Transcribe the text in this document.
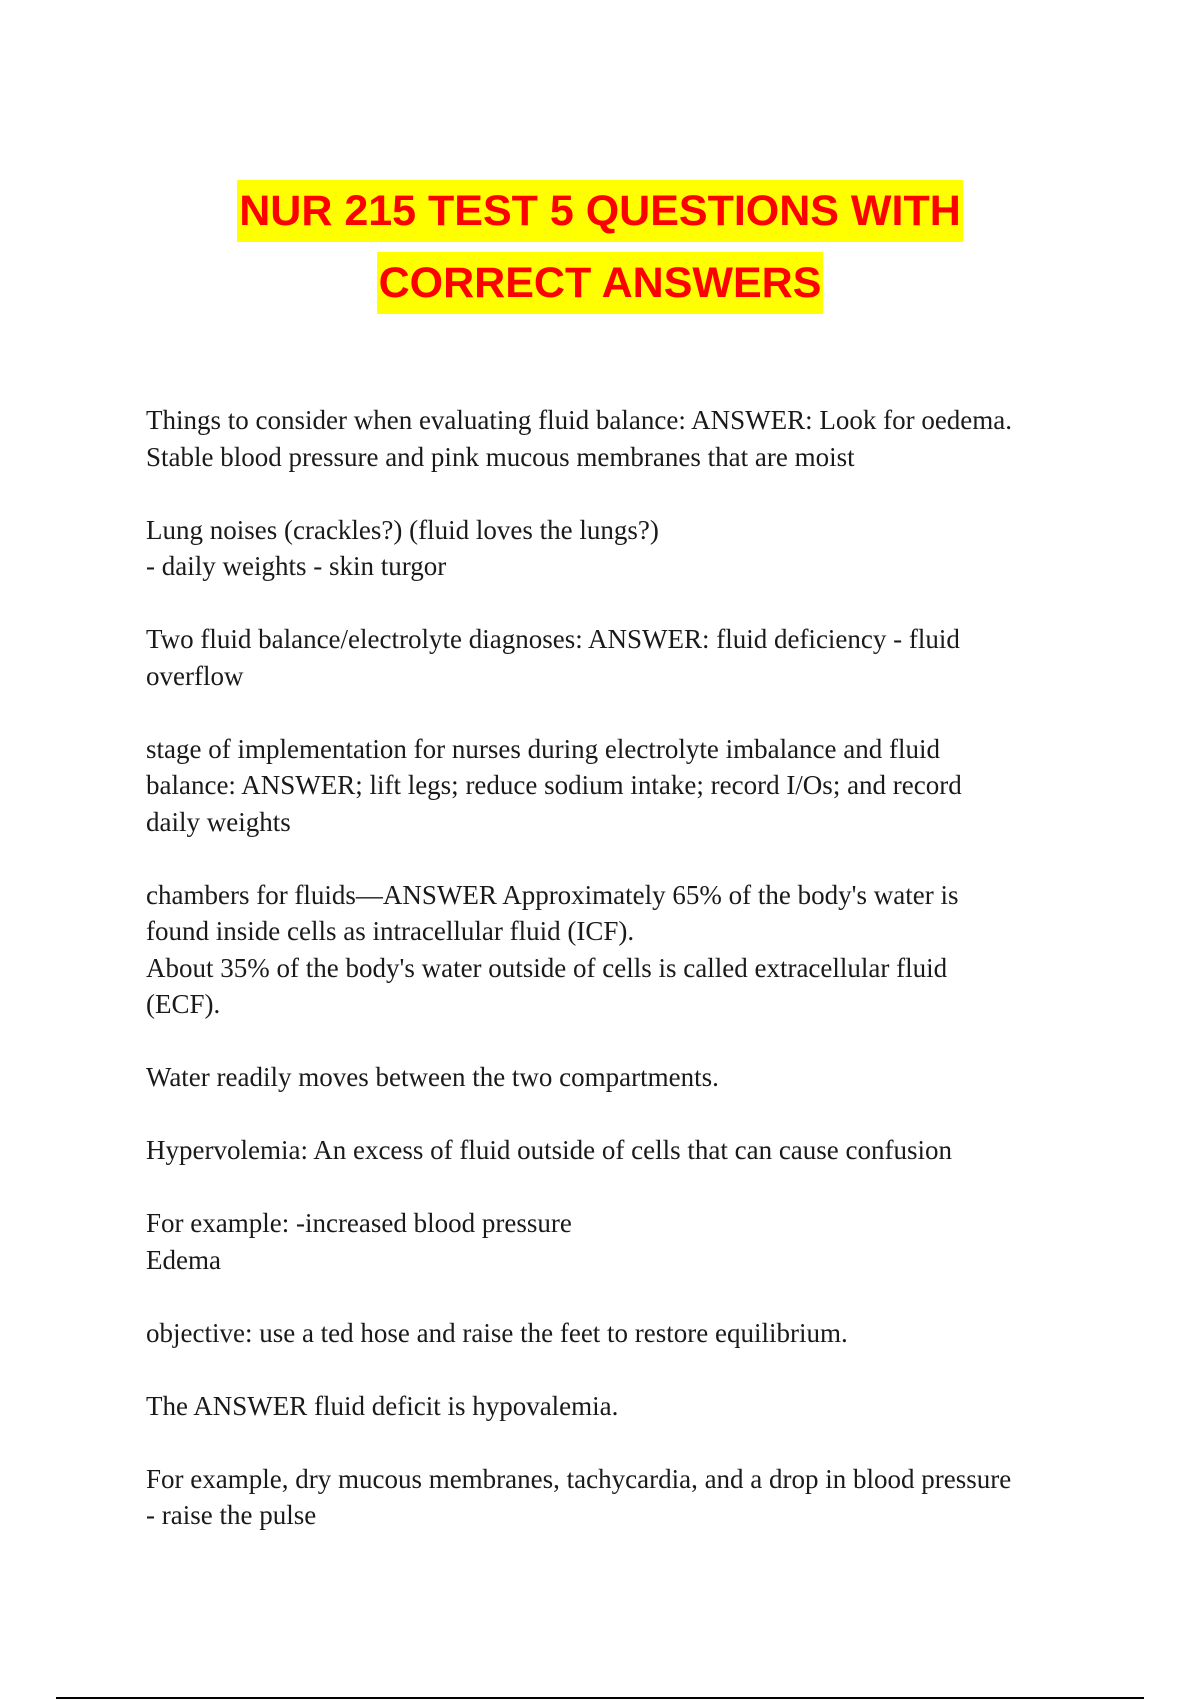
NUR 215 TEST 5 QUESTIONS WITH
CORRECT ANSWERS
Things to consider when evaluating fluid balance: ANSWER: Look for oedema.
Stable blood pressure and pink mucous membranes that are moist
Lung noises (crackles?) (fluid loves the lungs?)
- daily weights - skin turgor
Two fluid balance/electrolyte diagnoses: ANSWER: fluid deficiency - fluid
overflow
stage of implementation for nurses during electrolyte imbalance and fluid
balance: ANSWER; lift legs; reduce sodium intake; record I/Os; and record
daily weights
chambers for fluids—ANSWER Approximately 65% of the body's water is
found inside cells as intracellular fluid (ICF).
About 35% of the body's water outside of cells is called extracellular fluid
(ECF).
Water readily moves between the two compartments.
Hypervolemia: An excess of fluid outside of cells that can cause confusion
For example: -increased blood pressure
Edema
objective: use a ted hose and raise the feet to restore equilibrium.
The ANSWER fluid deficit is hypovalemia.
For example, dry mucous membranes, tachycardia, and a drop in blood pressure
- raise the pulse
